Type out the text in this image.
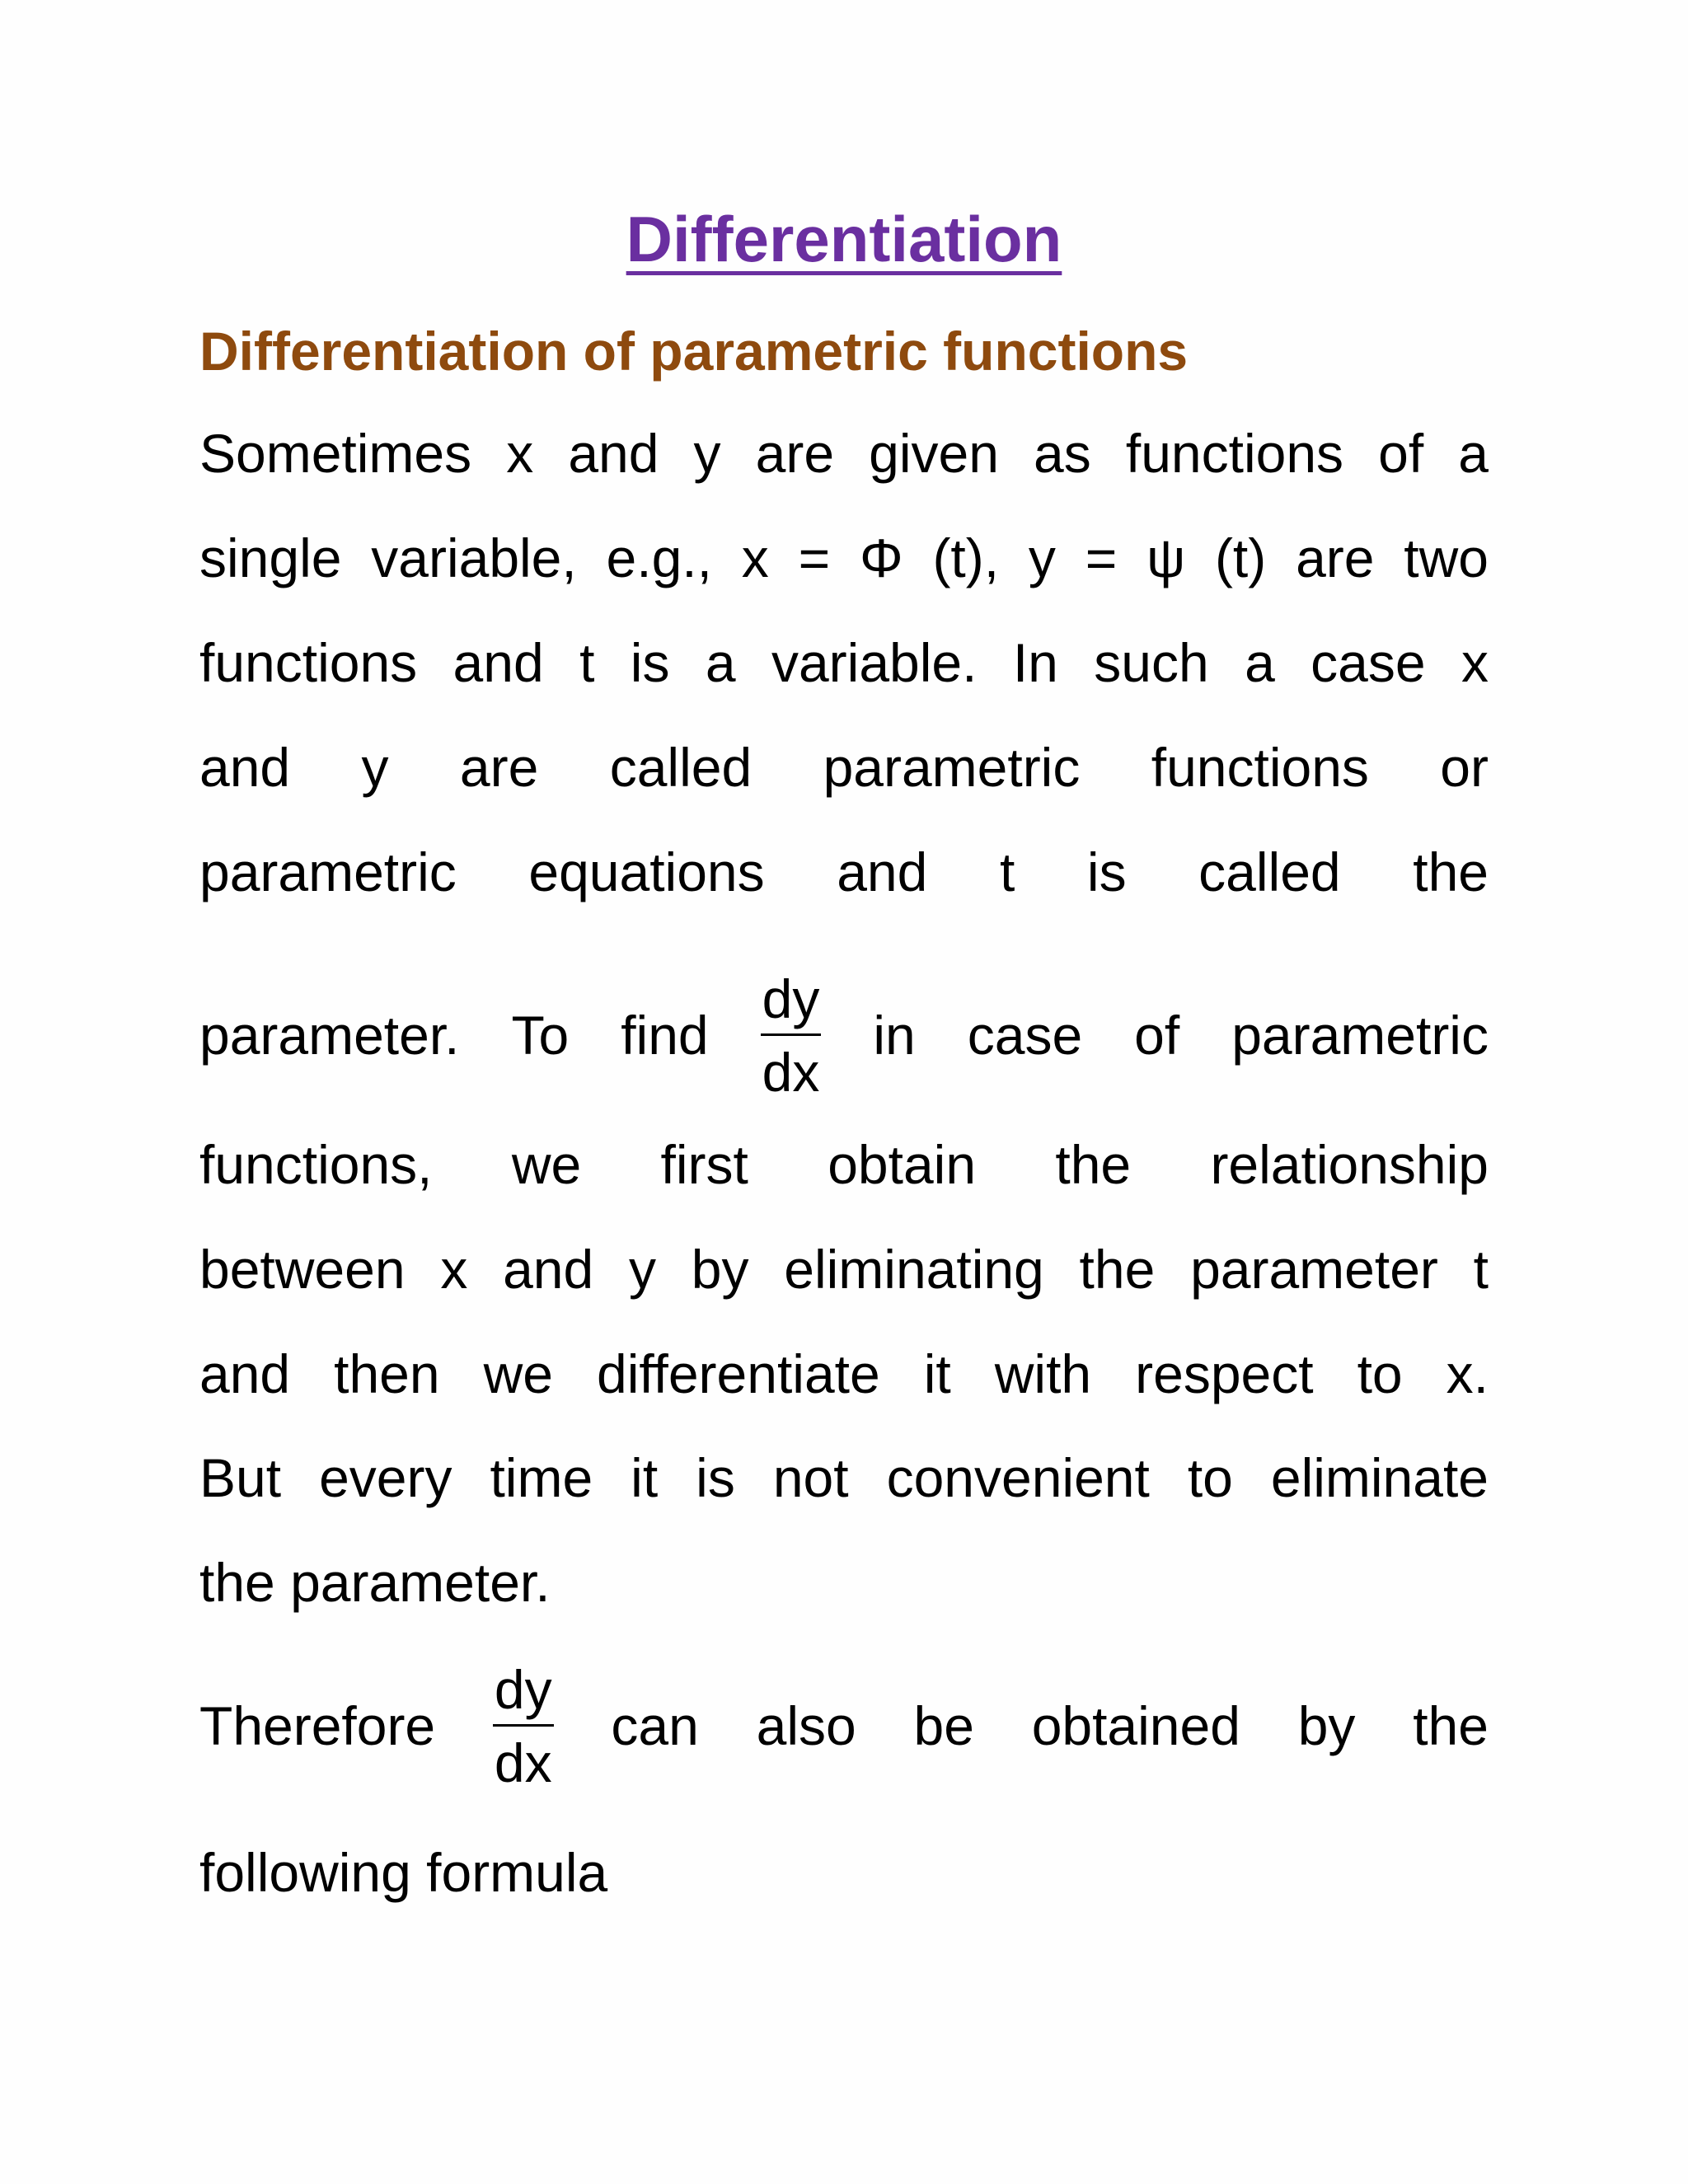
Differentiation
Differentiation of parametric functions
Sometimes x and y are given as functions of a
single variable, e.g., x = Φ (t), y = ψ (t) are two
functions and t is a variable. In such a case x
and y are called parametric functions or
parametric equations and t is called the
parameter. To find $\frac{dy}{dx}$ in case of parametric
functions, we first obtain the relationship
between x and y by eliminating the parameter t
and then we differentiate it with respect to x.
But every time it is not convenient to eliminate
the parameter.
Therefore $\frac{dy}{dx}$ can also be obtained by the
following formula
